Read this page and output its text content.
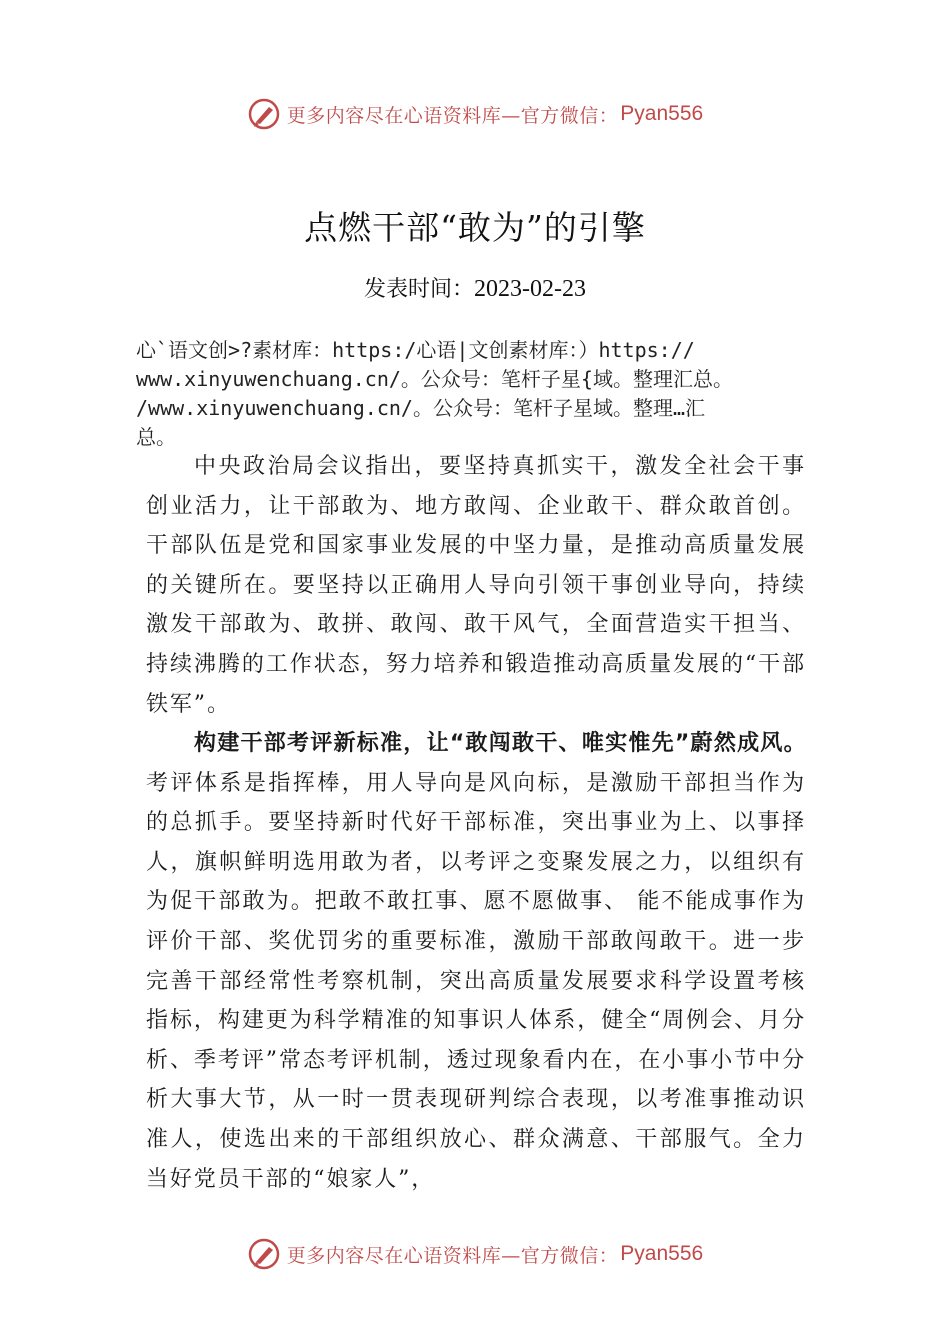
更多内容尽在心语资料库—官方微信： Pyan556
点燃干部“敢为”的引擎
发表时间：2023-02-23
心`语文创>?素材库：https:/心语|文创素材库：）https://
www.xinyuwenchuang.cn/。公众号：笔杆子星{域。整理汇总。
/www.xinyuwenchuang.cn/。公众号：笔杆子星域。整理…汇
总。

中央政治局会议指出，要坚持真抓实干，激发全社会干事创业活力，让干部敢为、地方敢闯、企业敢干、群众敢首创。干部队伍是党和国家事业发展的中坚力量，是推动高质量发展的关键所在。要坚持以正确用人导向引领干事创业导向，持续激发干部敢为、敢拼、敢闯、敢干风气，全面营造实干担当、持续沸腾的工作状态，努力培养和锻造推动高质量发展的“干部铁军”。

构建干部考评新标准，让“敢闯敢干、唯实惟先”蔚然成风。考评体系是指挥棒，用人导向是风向标，是激励干部担当作为的总抓手。要坚持新时代好干部标准，突出事业为上、以事择人，旗帜鲜明选用敢为者，以考评之变聚发展之力，以组织有为促干部敢为。把敢不敢扛事、愿不愿做事、 能不能成事作为评价干部、奖优罚劣的重要标准，激励干部敢闯敢干。进一步完善干部经常性考察机制，突出高质量发展要求科学设置考核指标，构建更为科学精准的知事识人体系，健全“周例会、月分析、季考评”常态考评机制，透过现象看内在，在小事小节中分析大事大节，从一时一贯表现研判综合表现，以考准事推动识准人，使选出来的干部组织放心、群众满意、干部服气。全力当好党员干部的“娘家人”，

更多内容尽在心语资料库—官方微信： Pyan556
